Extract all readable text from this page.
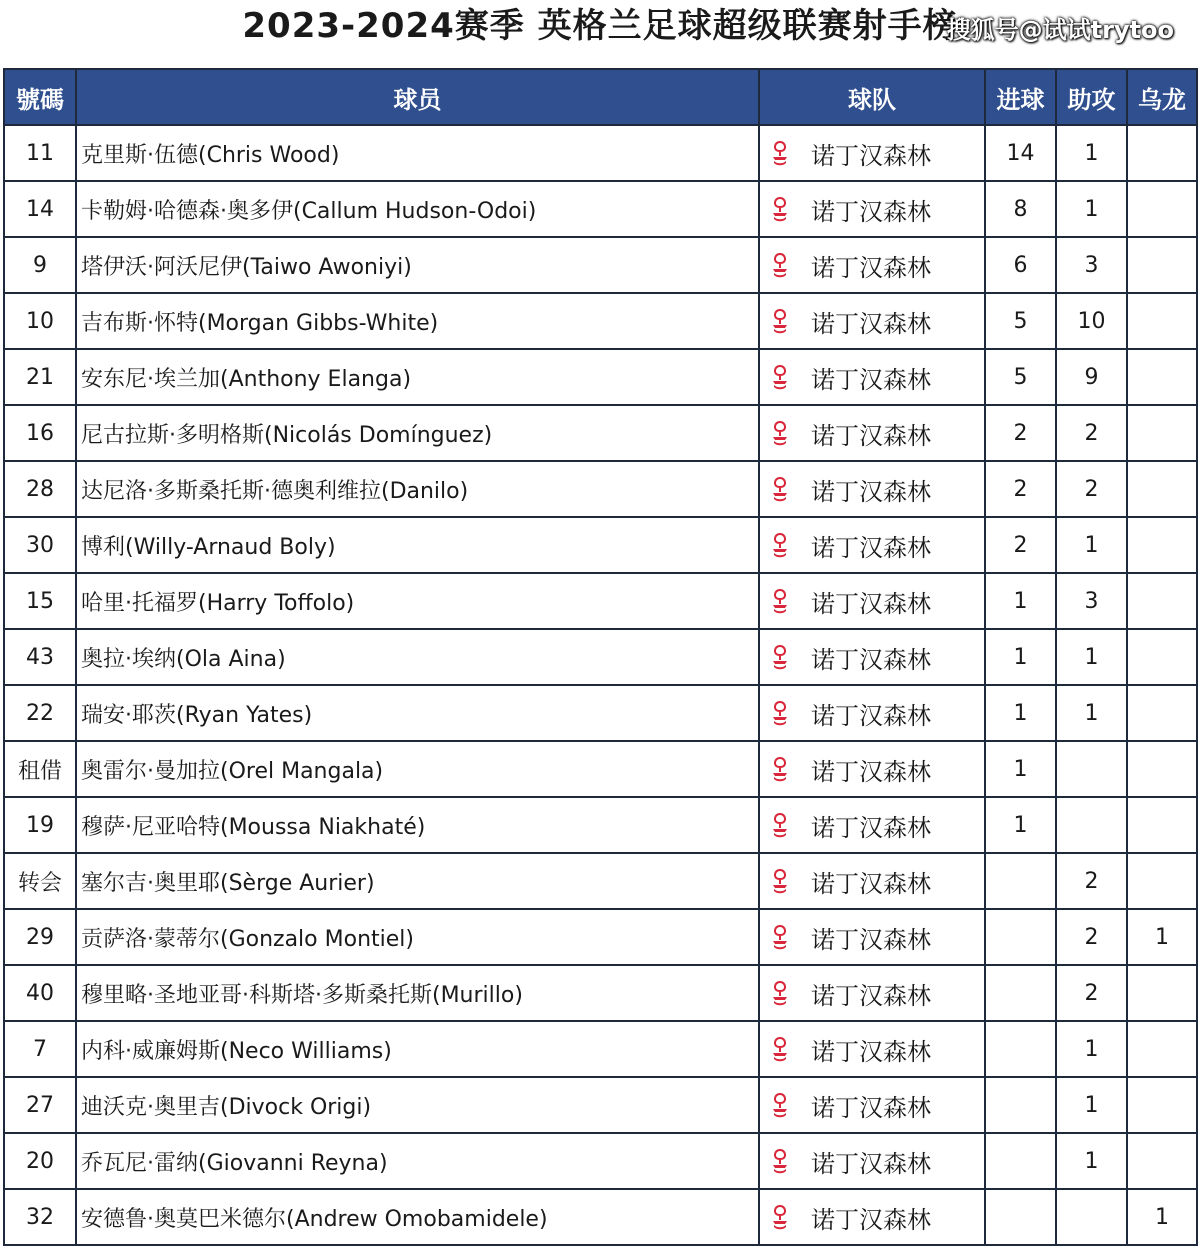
2023-2024赛季 英格兰足球超级联赛射手榜
搜狐号@试试trytoo
號碼	球员	球队	进球	助攻	乌龙
11	克里斯·伍德(Chris Wood)	诺丁汉森林	14	1	
14	卡勒姆·哈德森·奥多伊(Callum Hudson-Odoi)	诺丁汉森林	8	1	
9	塔伊沃·阿沃尼伊(Taiwo Awoniyi)	诺丁汉森林	6	3	
10	吉布斯·怀特(Morgan Gibbs-White)	诺丁汉森林	5	10	
21	安东尼·埃兰加(Anthony Elanga)	诺丁汉森林	5	9	
16	尼古拉斯·多明格斯(Nicolás Domínguez)	诺丁汉森林	2	2	
28	达尼洛·多斯桑托斯·德奥利维拉(Danilo)	诺丁汉森林	2	2	
30	博利(Willy-Arnaud Boly)	诺丁汉森林	2	1	
15	哈里·托福罗(Harry Toffolo)	诺丁汉森林	1	3	
43	奥拉·埃纳(Ola Aina)	诺丁汉森林	1	1	
22	瑞安·耶茨(Ryan Yates)	诺丁汉森林	1	1	
租借	奥雷尔·曼加拉(Orel Mangala)	诺丁汉森林	1		
19	穆萨·尼亚哈特(Moussa Niakhaté)	诺丁汉森林	1		
转会	塞尔吉·奥里耶(Sèrge Aurier)	诺丁汉森林		2	
29	贡萨洛·蒙蒂尔(Gonzalo Montiel)	诺丁汉森林		2	1
40	穆里略·圣地亚哥·科斯塔·多斯桑托斯(Murillo)	诺丁汉森林		2	
7	内科·威廉姆斯(Neco Williams)	诺丁汉森林		1	
27	迪沃克·奥里吉(Divock Origi)	诺丁汉森林		1	
20	乔瓦尼·雷纳(Giovanni Reyna)	诺丁汉森林		1	
32	安德鲁·奥莫巴米德尔(Andrew Omobamidele)	诺丁汉森林			1
